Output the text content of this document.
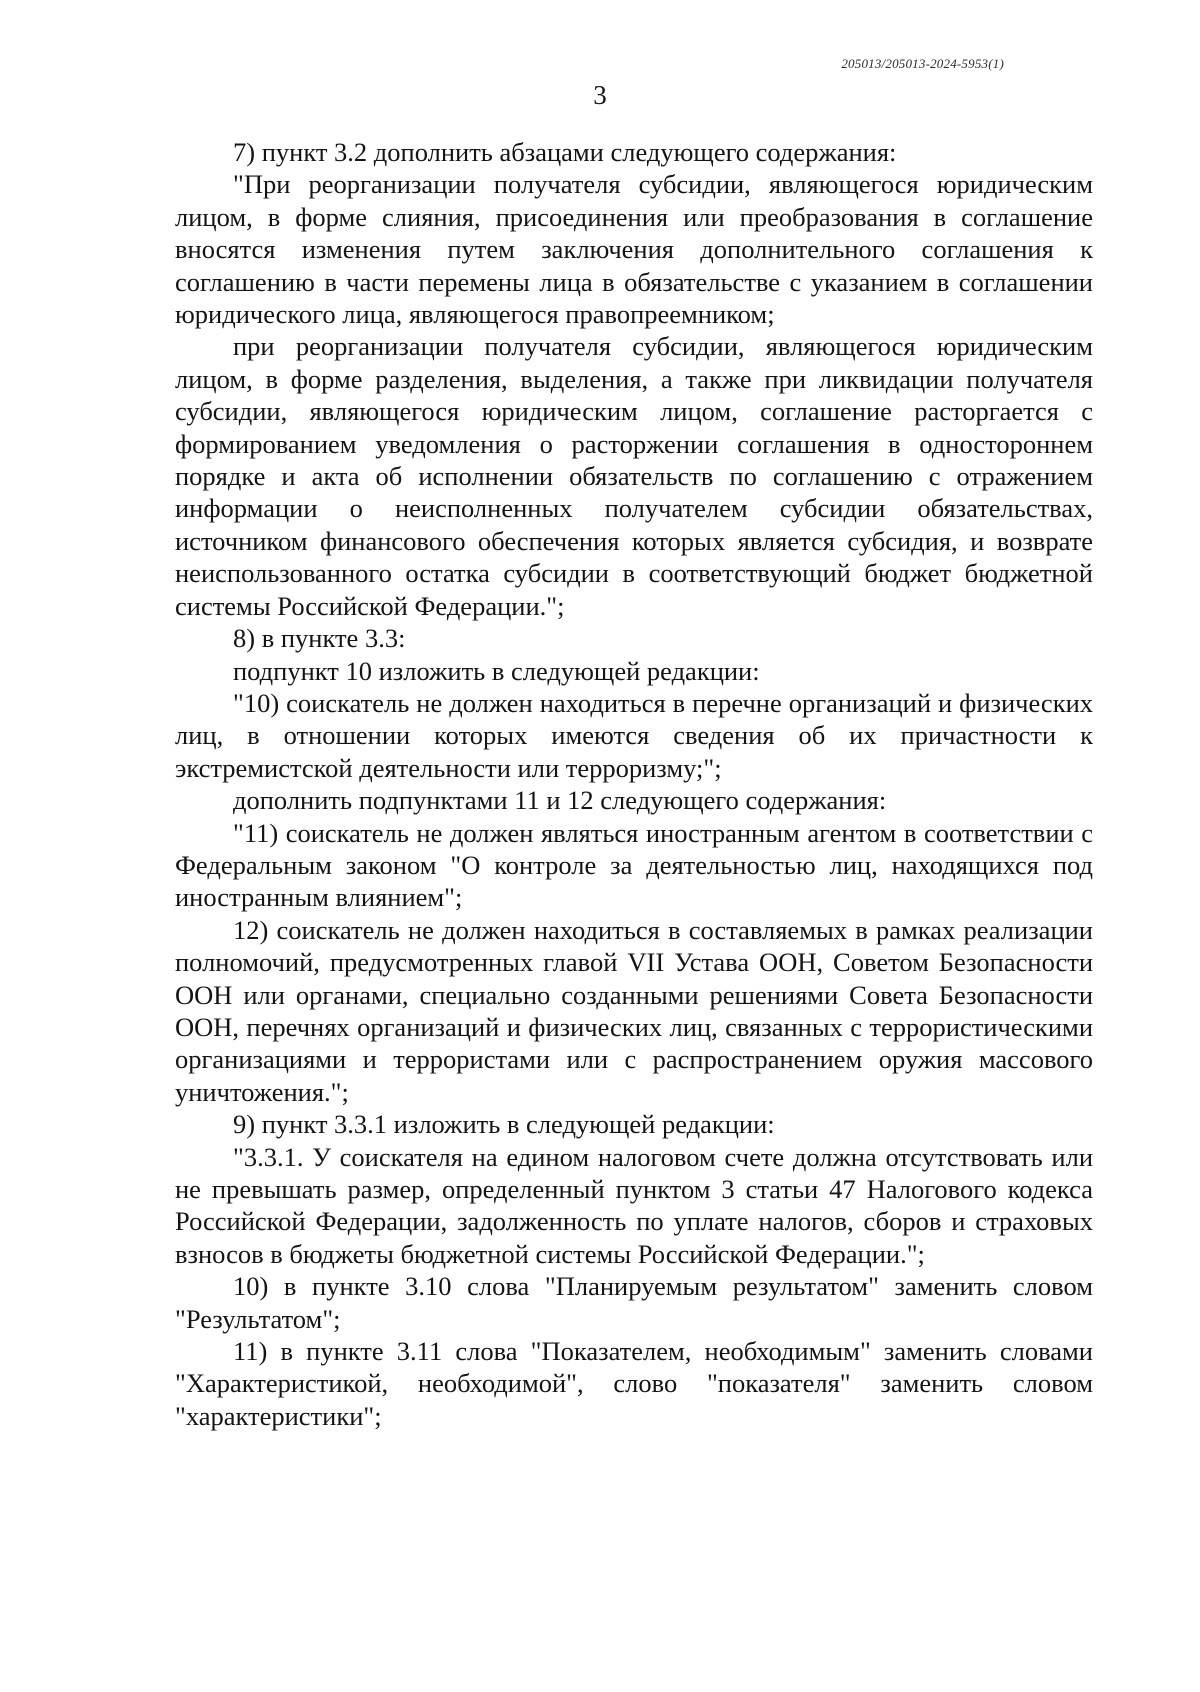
205013/205013-2024-5953(1)
3

7) пункт 3.2 дополнить абзацами следующего содержания:

"При реорганизации получателя субсидии, являющегося юридическим лицом, в форме слияния, присоединения или преобразования в соглашение вносятся изменения путем заключения дополнительного соглашения к соглашению в части перемены лица в обязательстве с указанием в соглашении юридического лица, являющегося правопреемником;

при реорганизации получателя субсидии, являющегося юридическим лицом, в форме разделения, выделения, а также при ликвидации получателя субсидии, являющегося юридическим лицом, соглашение расторгается с формированием уведомления о расторжении соглашения в одностороннем порядке и акта об исполнении обязательств по соглашению с отражением информации о неисполненных получателем субсидии обязательствах, источником финансового обеспечения которых является субсидия, и возврате неиспользованного остатка субсидии в соответствующий бюджет бюджетной системы Российской Федерации.";

8) в пункте 3.3:

подпункт 10 изложить в следующей редакции:

"10) соискатель не должен находиться в перечне организаций и физических лиц, в отношении которых имеются сведения об их причастности к экстремистской деятельности или терроризму;";

дополнить подпунктами 11 и 12 следующего содержания:

"11) соискатель не должен являться иностранным агентом в соответствии с Федеральным законом "О контроле за деятельностью лиц, находящихся под иностранным влиянием";

12) соискатель не должен находиться в составляемых в рамках реализации полномочий, предусмотренных главой VII Устава ООН, Советом Безопасности ООН или органами, специально созданными решениями Совета Безопасности ООН, перечнях организаций и физических лиц, связанных с террористическими организациями и террористами или с распространением оружия массового уничтожения.";

9) пункт 3.3.1 изложить в следующей редакции:

"3.3.1. У соискателя на едином налоговом счете должна отсутствовать или не превышать размер, определенный пунктом 3 статьи 47 Налогового кодекса Российской Федерации, задолженность по уплате налогов, сборов и страховых взносов в бюджеты бюджетной системы Российской Федерации.";

10) в пункте 3.10 слова "Планируемым результатом" заменить словом "Результатом";

11) в пункте 3.11 слова "Показателем, необходимым" заменить словами "Характеристикой, необходимой", слово "показателя" заменить словом "характеристики";
